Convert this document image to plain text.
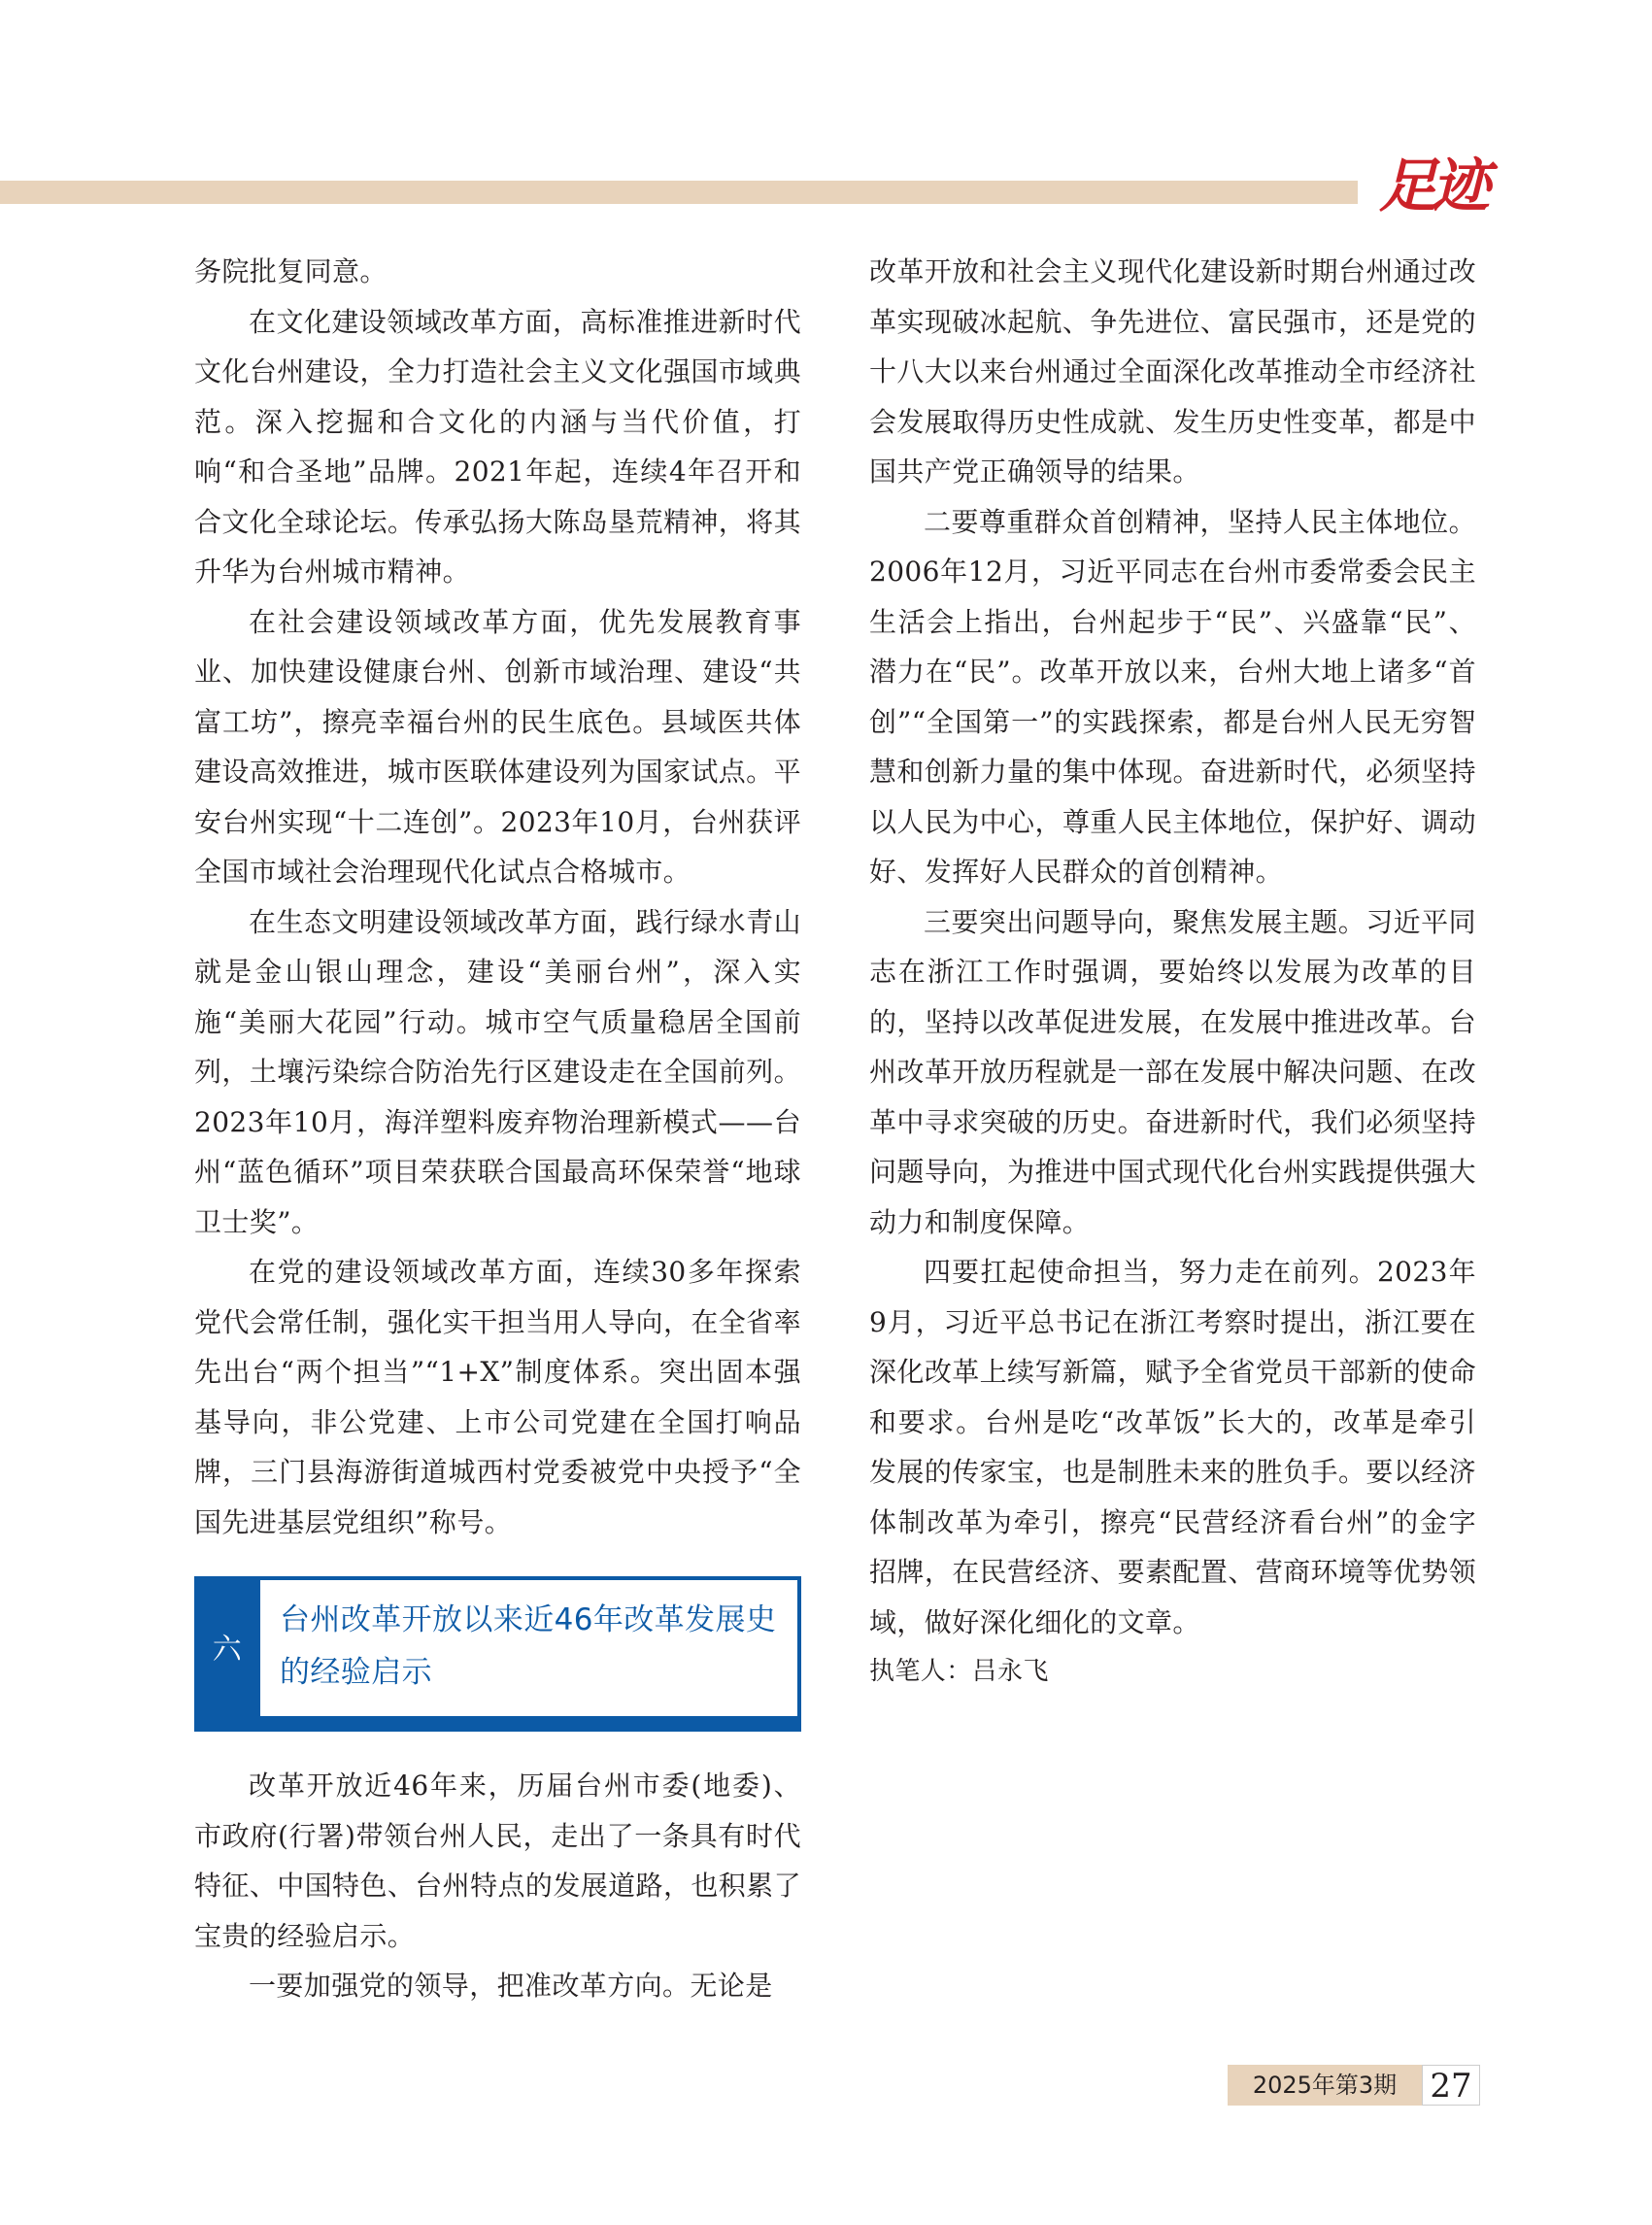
足迹

务院批复同意。

在文化建设领域改革方面，高标准推进新时代文化台州建设，全力打造社会主义文化强国市域典范。深入挖掘和合文化的内涵与当代价值，打响“和合圣地”品牌。2021年起，连续4年召开和合文化全球论坛。传承弘扬大陈岛垦荒精神，将其升华为台州城市精神。

在社会建设领域改革方面，优先发展教育事业、加快建设健康台州、创新市域治理、建设“共富工坊”，擦亮幸福台州的民生底色。县域医共体建设高效推进，城市医联体建设列为国家试点。平安台州实现“十二连创”。2023年10月，台州获评全国市域社会治理现代化试点合格城市。

在生态文明建设领域改革方面，践行绿水青山就是金山银山理念，建设“美丽台州”，深入实施“美丽大花园”行动。城市空气质量稳居全国前列，土壤污染综合防治先行区建设走在全国前列。2023年10月，海洋塑料废弃物治理新模式——台州“蓝色循环”项目荣获联合国最高环保荣誉“地球卫士奖”。

在党的建设领域改革方面，连续30多年探索党代会常任制，强化实干担当用人导向，在全省率先出台“两个担当”“1+X”制度体系。突出固本强基导向，非公党建、上市公司党建在全国打响品牌，三门县海游街道城西村党委被党中央授予“全国先进基层党组织”称号。

六
台州改革开放以来近46年改革发展史的经验启示

改革开放近46年来，历届台州市委(地委)、市政府(行署)带领台州人民，走出了一条具有时代特征、中国特色、台州特点的发展道路，也积累了宝贵的经验启示。

一要加强党的领导，把准改革方向。无论是

改革开放和社会主义现代化建设新时期台州通过改革实现破冰起航、争先进位、富民强市，还是党的十八大以来台州通过全面深化改革推动全市经济社会发展取得历史性成就、发生历史性变革，都是中国共产党正确领导的结果。

二要尊重群众首创精神，坚持人民主体地位。2006年12月，习近平同志在台州市委常委会民主生活会上指出，台州起步于“民”、兴盛靠“民”、潜力在“民”。改革开放以来，台州大地上诸多“首创”“全国第一”的实践探索，都是台州人民无穷智慧和创新力量的集中体现。奋进新时代，必须坚持以人民为中心，尊重人民主体地位，保护好、调动好、发挥好人民群众的首创精神。

三要突出问题导向，聚焦发展主题。习近平同志在浙江工作时强调，要始终以发展为改革的目的，坚持以改革促进发展，在发展中推进改革。台州改革开放历程就是一部在发展中解决问题、在改革中寻求突破的历史。奋进新时代，我们必须坚持问题导向，为推进中国式现代化台州实践提供强大动力和制度保障。

四要扛起使命担当，努力走在前列。2023年9月，习近平总书记在浙江考察时提出，浙江要在深化改革上续写新篇，赋予全省党员干部新的使命和要求。台州是吃“改革饭”长大的，改革是牵引发展的传家宝，也是制胜未来的胜负手。要以经济体制改革为牵引，擦亮“民营经济看台州”的金字招牌，在民营经济、要素配置、营商环境等优势领域，做好深化细化的文章。

执笔人：吕永飞

2025年第3期	27
